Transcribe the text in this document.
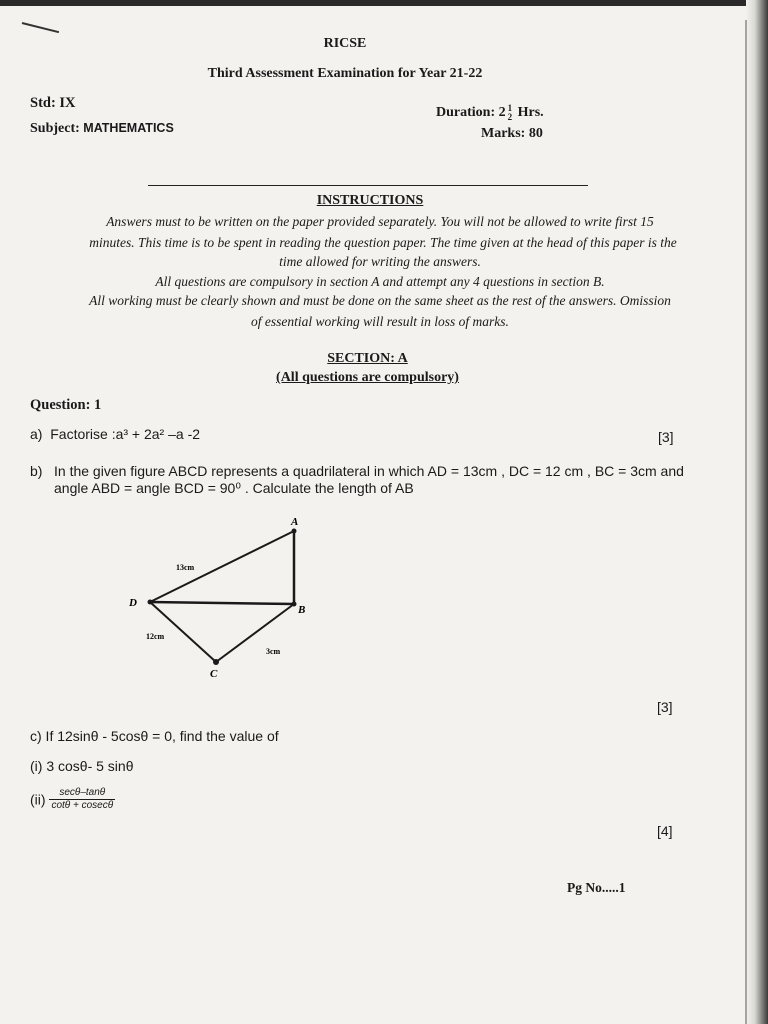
RICSE
Third Assessment Examination for Year 21-22
Std: IX
Subject: MATHEMATICS
Duration: 2 1
2 Hrs.
Marks: 80
INSTRUCTIONS
Answers must to be written on the paper provided separately. You will not be allowed to write first 15
minutes. This time is to be spent in reading the question paper. The time given at the head of this paper is the
time allowed for writing the answers.
All questions are compulsory in section A and attempt any 4 questions in section B.
All working must be clearly shown and must be done on the same sheet as the rest of the answers. Omission
of essential working will result in loss of marks.
SECTION: A
(All questions are compulsory)
Question: 1
a) Factorise :a³ + 2a² –a -2	[3]
b) In the given figure ABCD represents a quadrilateral in which AD = 13cm , DC = 12 cm , BC = 3cm and
angle ABD = angle BCD = 90⁰ . Calculate the length of AB
A
B
C
D
13cm
12cm
3cm
[3]
c) If 12sinθ - 5cosθ = 0, find the value of
(i) 3 cosθ- 5 sinθ
$(ii) \frac{\sec\theta-\tan\theta}{\cot\theta + cosec\theta}$
[4]
Pg No.....1
